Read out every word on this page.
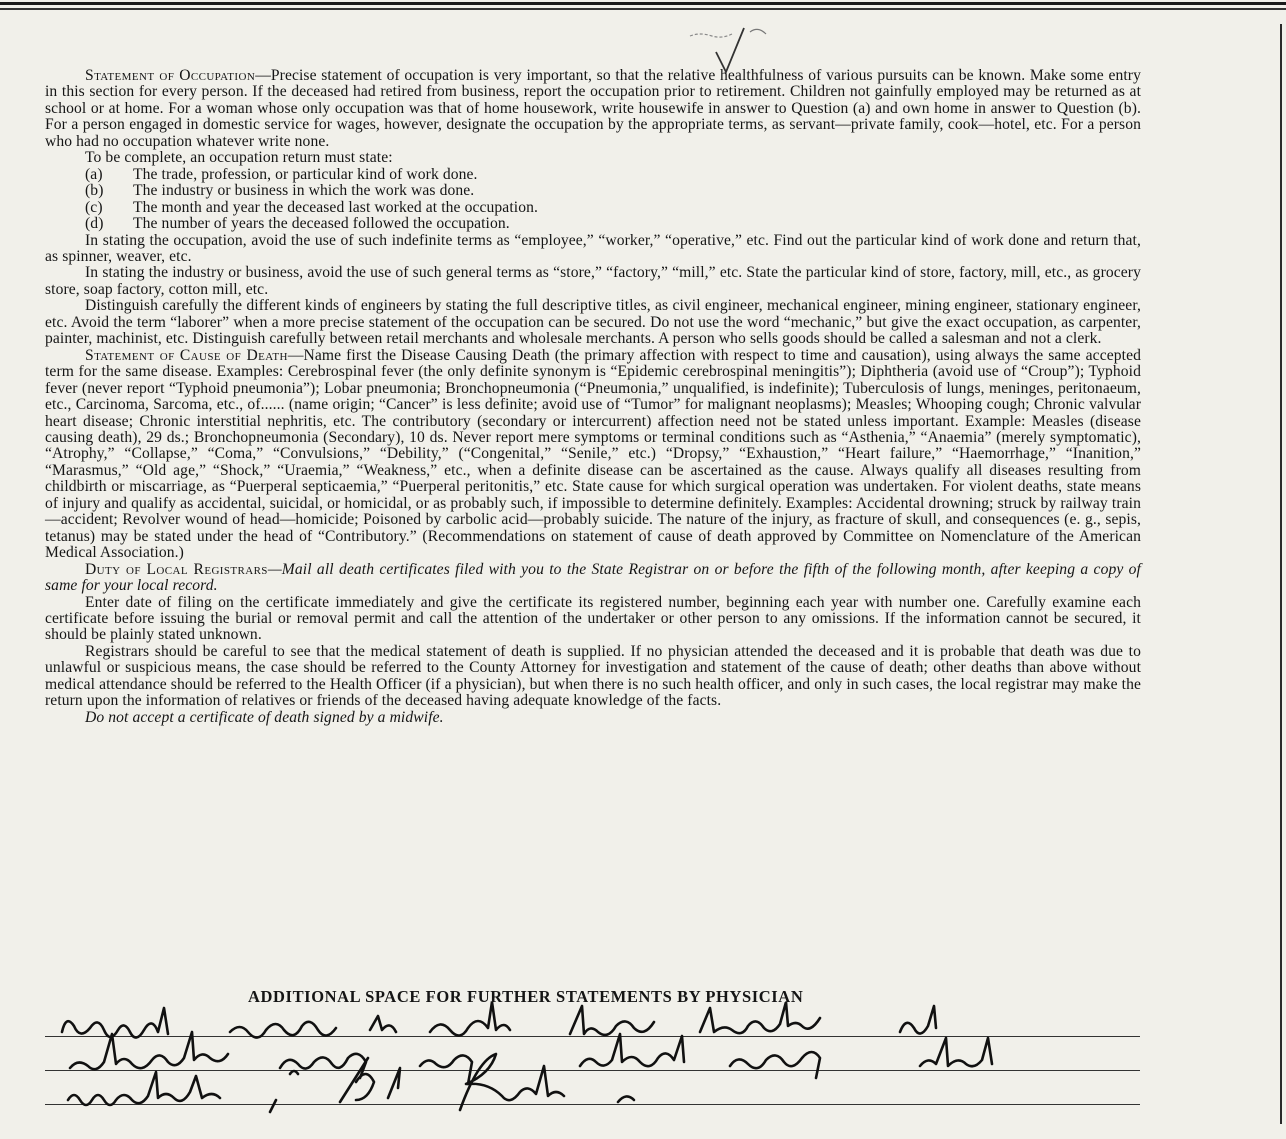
Statement of Occupation—Precise statement of occupation is very important, so that the relative healthfulness of various pursuits can be known. Make some entry in this section for every person. If the deceased had retired from business, report the occupation prior to retirement. Children not gainfully employed may be returned as at school or at home. For a woman whose only occupation was that of home housework, write housewife in answer to Question (a) and own home in answer to Question (b). For a person engaged in domestic service for wages, however, designate the occupation by the appropriate terms, as servant—private family, cook—hotel, etc. For a person who had no occupation whatever write none.

To be complete, an occupation return must state:

(a)	The trade, profession, or particular kind of work done.
(b)	The industry or business in which the work was done.
(c)	The month and year the deceased last worked at the occupation.
(d)	The number of years the deceased followed the occupation.

In stating the occupation, avoid the use of such indefinite terms as “employee,” “worker,” “operative,” etc. Find out the particular kind of work done and return that, as spinner, weaver, etc.

In stating the industry or business, avoid the use of such general terms as “store,” “factory,” “mill,” etc. State the particular kind of store, factory, mill, etc., as grocery store, soap factory, cotton mill, etc.

Distinguish carefully the different kinds of engineers by stating the full descriptive titles, as civil engineer, mechanical engineer, mining engineer, stationary engineer, etc. Avoid the term “laborer” when a more precise statement of the occupation can be secured. Do not use the word “mechanic,” but give the exact occupation, as carpenter, painter, machinist, etc. Distinguish carefully between retail merchants and wholesale merchants. A person who sells goods should be called a salesman and not a clerk.

Statement of Cause of Death—Name first the Disease Causing Death (the primary affection with respect to time and causation), using always the same accepted term for the same disease. Examples: Cerebrospinal fever (the only definite synonym is “Epidemic cerebrospinal meningitis”); Diphtheria (avoid use of “Croup”); Typhoid fever (never report “Typhoid pneumonia”); Lobar pneumonia; Bronchopneumonia (“Pneumonia,” unqualified, is indefinite); Tuberculosis of lungs, meninges, peritonaeum, etc., Carcinoma, Sarcoma, etc., of...... (name origin; “Cancer” is less definite; avoid use of “Tumor” for malignant neoplasms); Measles; Whooping cough; Chronic valvular heart disease; Chronic interstitial nephritis, etc. The contributory (secondary or intercurrent) affection need not be stated unless important. Example: Measles (disease causing death), 29 ds.; Bronchopneumonia (Secondary), 10 ds. Never report mere symptoms or terminal conditions such as “Asthenia,” “Anaemia” (merely symptomatic), “Atrophy,” “Collapse,” “Coma,” “Convulsions,” “Debility,” (“Congenital,” “Senile,” etc.) “Dropsy,” “Exhaustion,” “Heart failure,” “Haemorrhage,” “Inanition,” “Marasmus,” “Old age,” “Shock,” “Uraemia,” “Weakness,” etc., when a definite disease can be ascertained as the cause. Always qualify all diseases resulting from childbirth or miscarriage, as “Puerperal septicaemia,” “Puerperal peritonitis,” etc. State cause for which surgical operation was undertaken. For violent deaths, state means of injury and qualify as accidental, suicidal, or homicidal, or as probably such, if impossible to determine definitely. Examples: Accidental drowning; struck by railway train—accident; Revolver wound of head—homicide; Poisoned by carbolic acid—probably suicide. The nature of the injury, as fracture of skull, and consequences (e. g., sepis, tetanus) may be stated under the head of “Contributory.” (Recommendations on statement of cause of death approved by Committee on Nomenclature of the American Medical Association.)

Duty of Local Registrars—Mail all death certificates filed with you to the State Registrar on or before the fifth of the following month, after keeping a copy of same for your local record.

Enter date of filing on the certificate immediately and give the certificate its registered number, beginning each year with number one. Carefully examine each certificate before issuing the burial or removal permit and call the attention of the undertaker or other person to any omissions. If the information cannot be secured, it should be plainly stated unknown.

Registrars should be careful to see that the medical statement of death is supplied. If no physician attended the deceased and it is probable that death was due to unlawful or suspicious means, the case should be referred to the County Attorney for investigation and statement of the cause of death; other deaths than above without medical attendance should be referred to the Health Officer (if a physician), but when there is no such health officer, and only in such cases, the local registrar may make the return upon the information of relatives or friends of the deceased having adequate knowledge of the facts.

Do not accept a certificate of death signed by a midwife.

ADDITIONAL SPACE FOR FURTHER STATEMENTS BY PHYSICIAN
